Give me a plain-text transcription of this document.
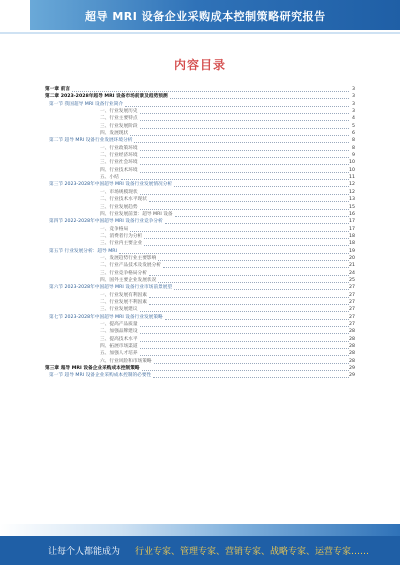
超导 MRI 设备企业采购成本控制策略研究报告
内容目录
第一章 前言	3
第二章 2023-2028年超导 MRI 设备市场前景及趋势预测	3
第一节 我国超导 MRI 设备行业简介	3
一、行业发展历史	3
二、行业主要特点	4
三、行业发展阶段	5
四、发展现状	6
第二节 超导 MRI 设备行业发展环境分析	8
一、行业政策环境	8
二、行业经济环境	9
三、行业社会环境	10
四、行业技术环境	10
五、小结	11
第三节 2023-2028年中国超导 MRI 设备行业发展情况分析	12
一、市场规模现状	12
二、行业技术水平现状	13
三、行业发展趋势	15
四、行业发展前景：超导 MRI 设备	16
第四节 2022-2028年中国超导 MRI 设备行业竞争分析	17
一、竞争格局	17
二、消费者行为分析	18
三、行业内主要企业	18
第五节 行业发展分析：超导 MRI	19
一、发展趋势行业主要影响	20
二、行业产品技术及发展分析	21
三、行业竞争格局分析	24
四、国外主要企业发展状况	25
第六节 2023-2028年中国超导 MRI 设备行业市场前景展望	27
一、行业发展有利因素	27
二、行业发展不利因素	27
三、行业发展建议	27
第七节 2023-2028年中国超导 MRI 设备行业发展策略	27
一、提高产品质量	27
二、加强品牌建设	28
三、提高技术水平	28
四、拓展市场渠道	28
五、加强人才培养	28
六、行业风险和市场策略	28
第三章 超导 MRI 设备企业采购成本控制策略	29
第一节 超导 MRI 设备企业采购成本控制的必要性	29
让每个人都能成为 行业专家、管理专家、营销专家、战略专家、运营专家……
